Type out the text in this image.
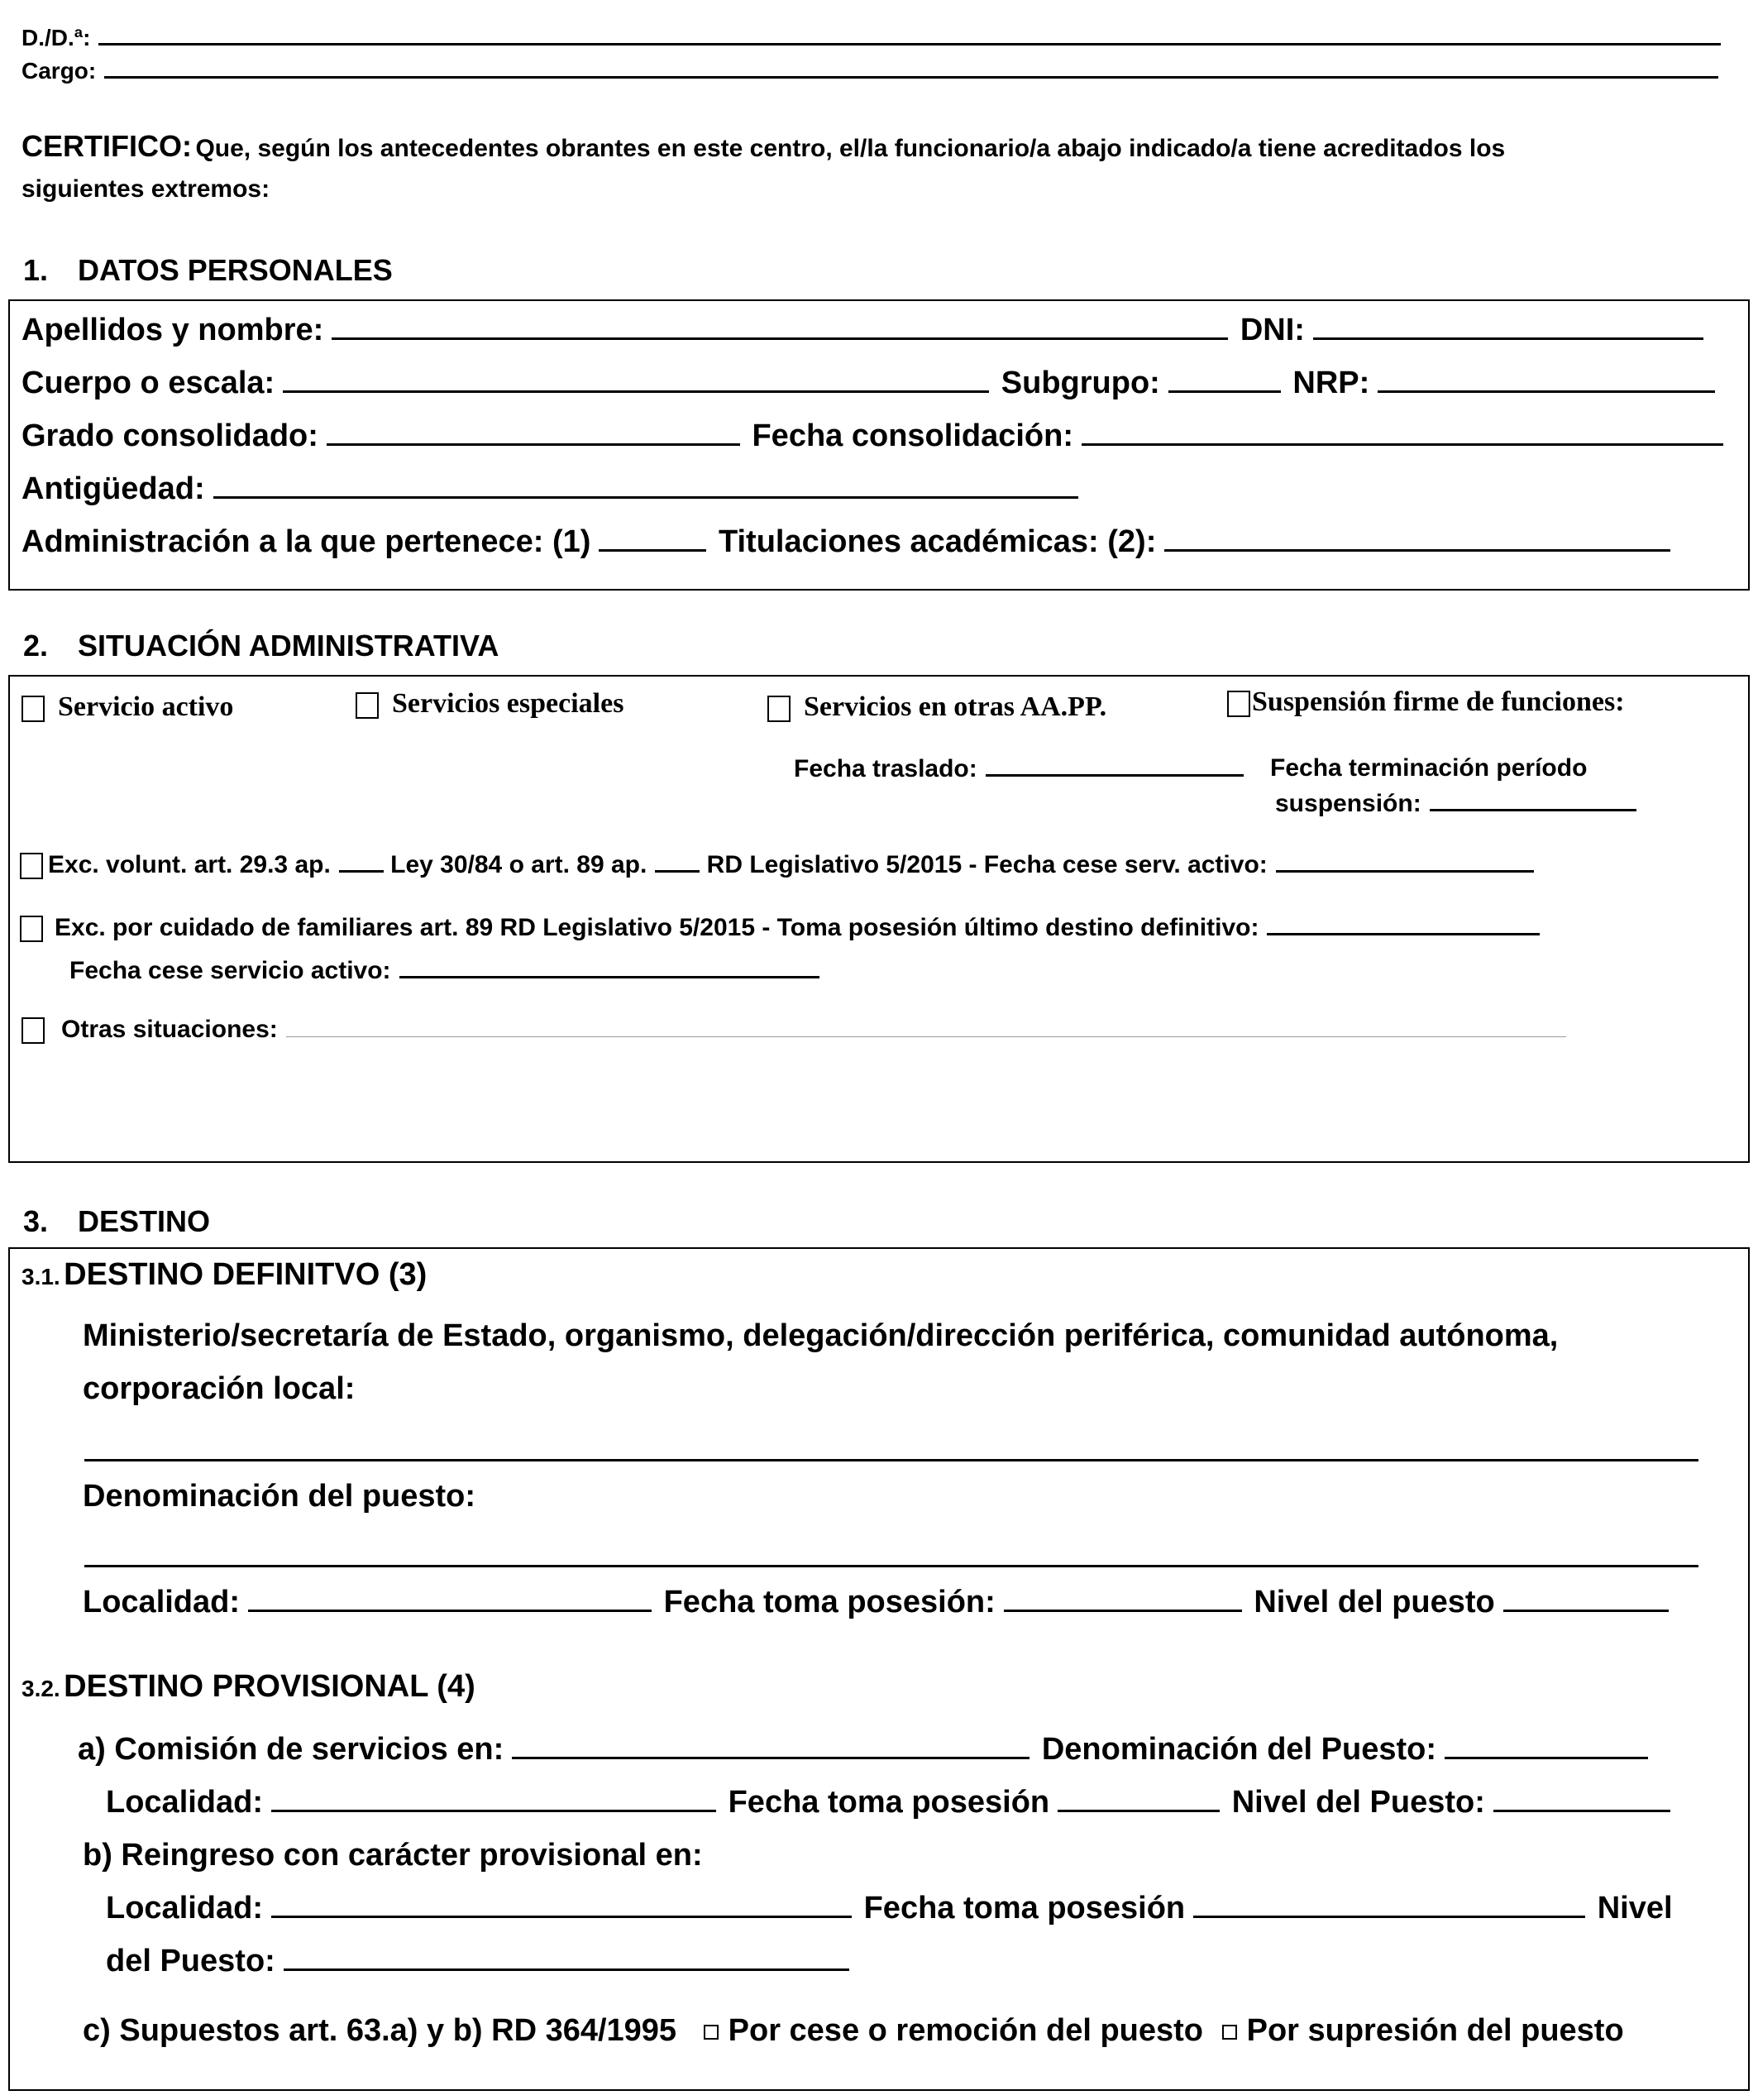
D./D.ª:
Cargo:
CERTIFICO: Que, según los antecedentes obrantes en este centro, el/la funcionario/a abajo indicado/a tiene acreditados los
siguientes extremos:
1. DATOS PERSONALES
Apellidos y nombre:	DNI:
Cuerpo o escala:	Subgrupo:	NRP:
Grado consolidado:	Fecha consolidación:
Antigüedad:
Administración a la que pertenece: (1)	Titulaciones académicas: (2):
2. SITUACIÓN ADMINISTRATIVA
Servicio activo	Servicios especiales	Servicios en otras AA.PP.	Suspensión firme de funciones:
Fecha traslado:	Fecha terminación período
suspensión:
Exc. volunt. art. 29.3 ap. Ley 30/84 o art. 89 ap. RD Legislativo 5/2015 - Fecha cese serv. activo:
Exc. por cuidado de familiares art. 89 RD Legislativo 5/2015 - Toma posesión último destino definitivo:
Fecha cese servicio activo:
Otras situaciones:
3. DESTINO
3.1. DESTINO DEFINITVO (3)
Ministerio/secretaría de Estado, organismo, delegación/dirección periférica, comunidad autónoma,
corporación local:
Denominación del puesto:
Localidad:	Fecha toma posesión:	Nivel del puesto
3.2. DESTINO PROVISIONAL (4)
a) Comisión de servicios en:	Denominación del Puesto:
Localidad:	Fecha toma posesión	Nivel del Puesto:
b) Reingreso con carácter provisional en:
Localidad:	Fecha toma posesión	Nivel
del Puesto:
c) Supuestos art. 63.a) y b) RD 364/1995 Por cese o remoción del puesto Por supresión del puesto
